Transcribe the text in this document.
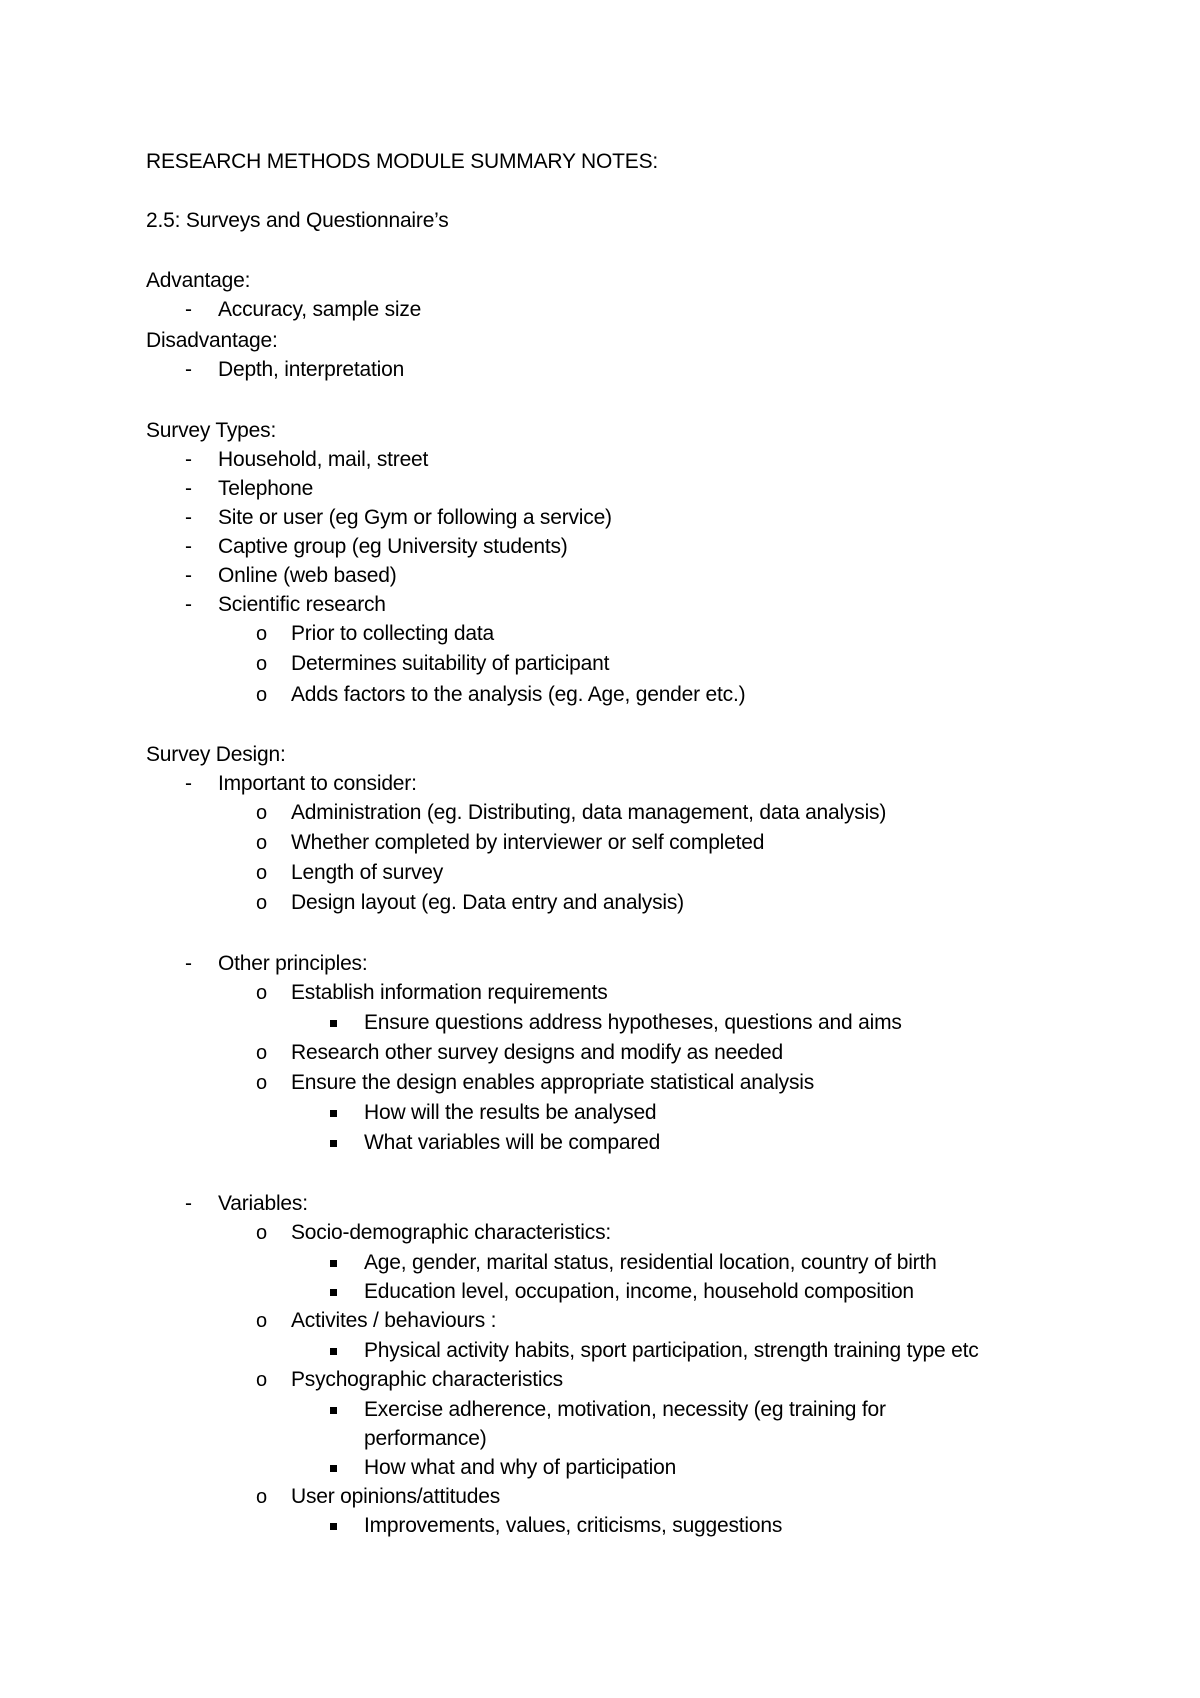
RESEARCH METHODS MODULE SUMMARY NOTES:
2.5: Surveys and Questionnaire’s
Advantage:
- Accuracy, sample size
Disadvantage:
- Depth, interpretation
Survey Types:
- Household, mail, street
- Telephone
- Site or user (eg Gym or following a service)
- Captive group (eg University students)
- Online (web based)
- Scientific research
o Prior to collecting data
o Determines suitability of participant
o Adds factors to the analysis (eg. Age, gender etc.)
Survey Design:
- Important to consider:
o Administration (eg. Distributing, data management, data analysis)
o Whether completed by interviewer or self completed
o Length of survey
o Design layout (eg. Data entry and analysis)
- Other principles:
o Establish information requirements
Ensure questions address hypotheses, questions and aims
o Research other survey designs and modify as needed
o Ensure the design enables appropriate statistical analysis
How will the results be analysed
What variables will be compared
- Variables:
o Socio-demographic characteristics:
Age, gender, marital status, residential location, country of birth
Education level, occupation, income, household composition
o Activites / behaviours :
Physical activity habits, sport participation, strength training type etc
o Psychographic characteristics
Exercise adherence, motivation, necessity (eg training for
performance)
How what and why of participation
o User opinions/attitudes
Improvements, values, criticisms, suggestions
